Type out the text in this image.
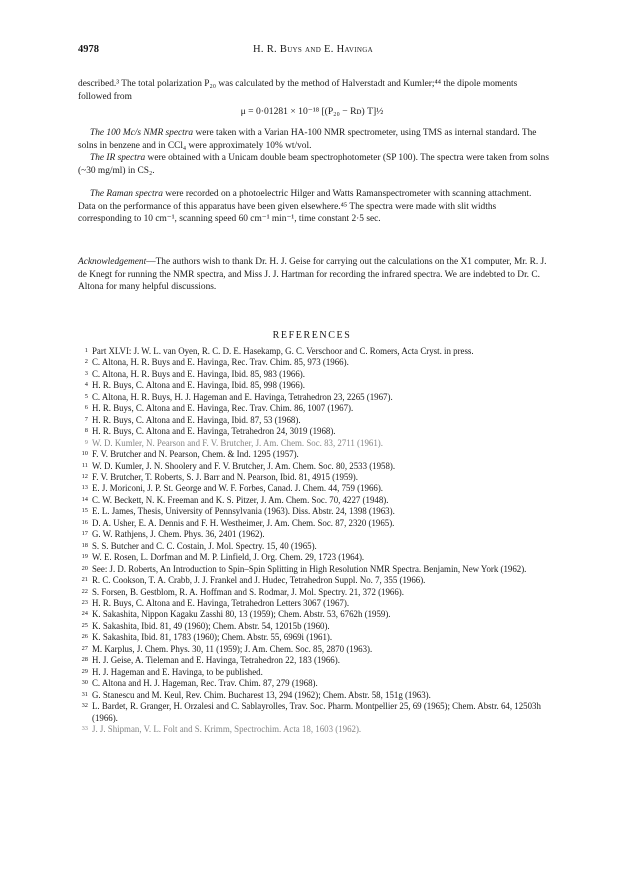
4978	H. R. Buys and E. Havinga

described.³ The total polarization P₂₀ was calculated by the method of Halverstadt and Kumler;⁴⁴ the dipole moments followed from

μ = 0·01281 × 10⁻¹⁸ [(P₂₀ − Rᴅ) T]½

The 100 Mc/s NMR spectra were taken with a Varian HA-100 NMR spectrometer, using TMS as internal standard. The solns in benzene and in CCl₄ were approximately 10% wt/vol.

The IR spectra were obtained with a Unicam double beam spectrophotometer (SP 100). The spectra were taken from solns (~30 mg/ml) in CS₂.

The Raman spectra were recorded on a photoelectric Hilger and Watts Ramanspectrometer with scanning attachment. Data on the performance of this apparatus have been given elsewhere.⁴⁵ The spectra were made with slit widths corresponding to 10 cm⁻¹, scanning speed 60 cm⁻¹ min⁻¹, time constant 2·5 sec.

Acknowledgement—The authors wish to thank Dr. H. J. Geise for carrying out the calculations on the X1 computer, Mr. R. J. de Knegt for running the NMR spectra, and Miss J. J. Hartman for recording the infrared spectra. We are indebted to Dr. C. Altona for many helpful discussions.

REFERENCES
1 Part XLVI: J. W. L. van Oyen, R. C. D. E. Hasekamp, G. C. Verschoor and C. Romers, Acta Cryst. in press.
2 C. Altona, H. R. Buys and E. Havinga, Rec. Trav. Chim. 85, 973 (1966).
3 C. Altona, H. R. Buys and E. Havinga, Ibid. 85, 983 (1966).
4 H. R. Buys, C. Altona and E. Havinga, Ibid. 85, 998 (1966).
5 C. Altona, H. R. Buys, H. J. Hageman and E. Havinga, Tetrahedron 23, 2265 (1967).
6 H. R. Buys, C. Altona and E. Havinga, Rec. Trav. Chim. 86, 1007 (1967).
7 H. R. Buys, C. Altona and E. Havinga, Ibid. 87, 53 (1968).
8 H. R. Buys, C. Altona and E. Havinga, Tetrahedron 24, 3019 (1968).
9 W. D. Kumler, N. Pearson and F. V. Brutcher, J. Am. Chem. Soc. 83, 2711 (1961).
10 F. V. Brutcher and N. Pearson, Chem. & Ind. 1295 (1957).
11 W. D. Kumler, J. N. Shoolery and F. V. Brutcher, J. Am. Chem. Soc. 80, 2533 (1958).
12 F. V. Brutcher, T. Roberts, S. J. Barr and N. Pearson, Ibid. 81, 4915 (1959).
13 E. J. Moriconi, J. P. St. George and W. F. Forbes, Canad. J. Chem. 44, 759 (1966).
14 C. W. Beckett, N. K. Freeman and K. S. Pitzer, J. Am. Chem. Soc. 70, 4227 (1948).
15 E. L. James, Thesis, University of Pennsylvania (1963). Diss. Abstr. 24, 1398 (1963).
16 D. A. Usher, E. A. Dennis and F. H. Westheimer, J. Am. Chem. Soc. 87, 2320 (1965).
17 G. W. Rathjens, J. Chem. Phys. 36, 2401 (1962).
18 S. S. Butcher and C. C. Costain, J. Mol. Spectry. 15, 40 (1965).
19 W. E. Rosen, L. Dorfman and M. P. Linfield, J. Org. Chem. 29, 1723 (1964).
20 See: J. D. Roberts, An Introduction to Spin–Spin Splitting in High Resolution NMR Spectra. Benjamin, New York (1962).
21 R. C. Cookson, T. A. Crabb, J. J. Frankel and J. Hudec, Tetrahedron Suppl. No. 7, 355 (1966).
22 S. Forsen, B. Gestblom, R. A. Hoffman and S. Rodmar, J. Mol. Spectry. 21, 372 (1966).
23 H. R. Buys, C. Altona and E. Havinga, Tetrahedron Letters 3067 (1967).
24 K. Sakashita, Nippon Kagaku Zasshi 80, 13 (1959); Chem. Abstr. 53, 6762h (1959).
25 K. Sakashita, Ibid. 81, 49 (1960); Chem. Abstr. 54, 12015b (1960).
26 K. Sakashita, Ibid. 81, 1783 (1960); Chem. Abstr. 55, 6969i (1961).
27 M. Karplus, J. Chem. Phys. 30, 11 (1959); J. Am. Chem. Soc. 85, 2870 (1963).
28 H. J. Geise, A. Tieleman and E. Havinga, Tetrahedron 22, 183 (1966).
29 H. J. Hageman and E. Havinga, to be published.
30 C. Altona and H. J. Hageman, Rec. Trav. Chim. 87, 279 (1968).
31 G. Stanescu and M. Keul, Rev. Chim. Bucharest 13, 294 (1962); Chem. Abstr. 58, 151g (1963).
32 L. Bardet, R. Granger, H. Orzalesi and C. Sablayrolles, Trav. Soc. Pharm. Montpellier 25, 69 (1965); Chem. Abstr. 64, 12503h (1966).
33 J. J. Shipman, V. L. Folt and S. Krimm, Spectrochim. Acta 18, 1603 (1962).
